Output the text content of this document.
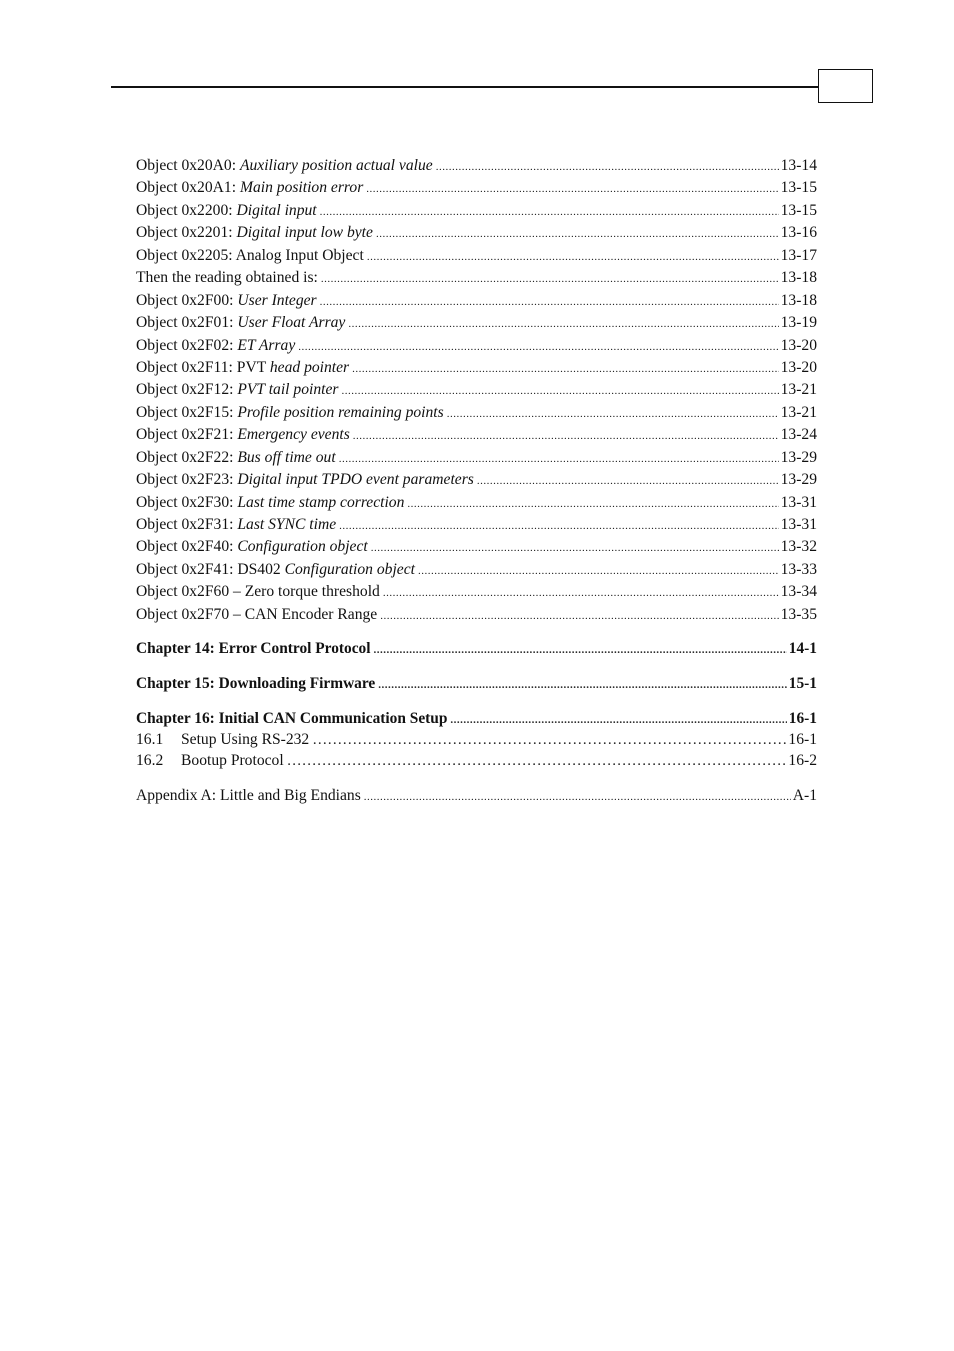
Object 0x20A0: Auxiliary position actual value .....	13-14
Object 0x20A1: Main position error .....	13-15
Object 0x2200: Digital input .....	13-15
Object 0x2201: Digital input low byte .....	13-16
Object 0x2205: Analog Input Object .....	13-17
Then the reading obtained is: .....	13-18
Object 0x2F00: User Integer .....	13-18
Object 0x2F01: User Float Array .....	13-19
Object 0x2F02: ET Array .....	13-20
Object 0x2F11: PVT head pointer .....	13-20
Object 0x2F12: PVT tail pointer .....	13-21
Object 0x2F15: Profile position remaining points .....	13-21
Object 0x2F21: Emergency events .....	13-24
Object 0x2F22: Bus off time out .....	13-29
Object 0x2F23: Digital input TPDO event parameters .....	13-29
Object 0x2F30: Last time stamp correction .....	13-31
Object 0x2F31: Last SYNC time .....	13-31
Object 0x2F40: Configuration object .....	13-32
Object 0x2F41: DS402 Configuration object .....	13-33
Object 0x2F60 – Zero torque threshold .....	13-34
Object 0x2F70 – CAN Encoder Range .....	13-35
Chapter 14: Error Control Protocol .....	14-1
Chapter 15: Downloading Firmware .....	15-1
Chapter 16: Initial CAN Communication Setup .....	16-1
16.1 Setup Using RS-232 ………………………………………………………………………………………………………………………………………………………………………………………………………………	16-1
16.2 Bootup Protocol ………………………………………………………………………………………………………………………………………………………………………………………………………………	16-2
Appendix A: Little and Big Endians .....	A-1
